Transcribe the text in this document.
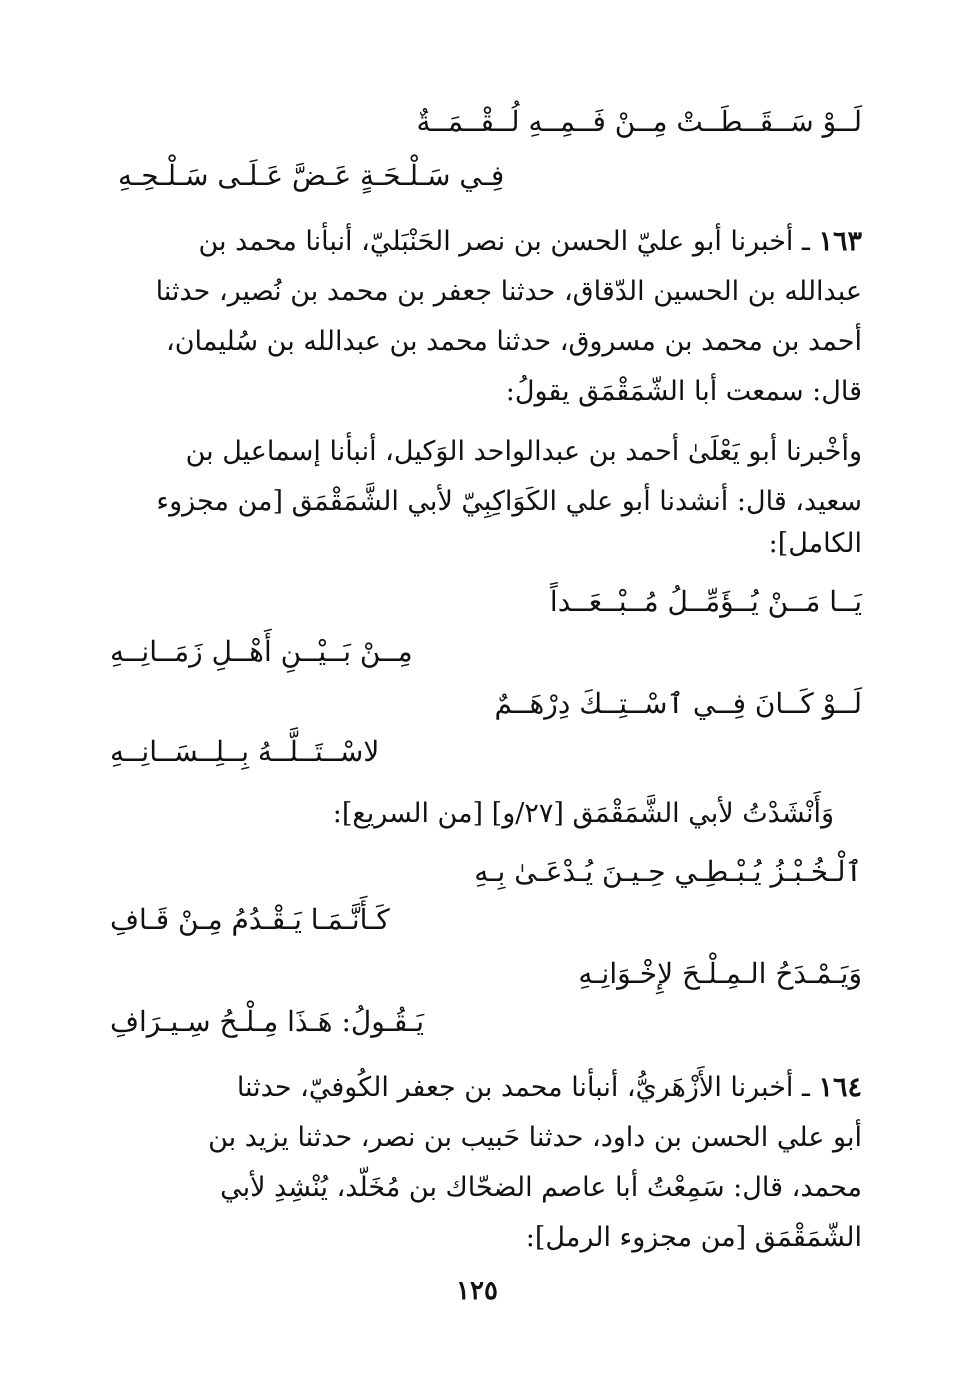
لَــوْ سَــقَــطَــتْ مِــنْ فَــمِــهِ لُــقْــمَــةٌ
فِـي سَـلْـحَـةٍ عَـضَّ عَـلَـى سَـلْـحِـهِ
١٦٣ ـ أخبرنا أبو عليّ الحسن بن نصر الحَنْبَليّ، أنبأنا محمد بن
عبدالله بن الحسين الدّقاق، حدثنا جعفر بن محمد بن نُصير، حدثنا
أحمد بن محمد بن مسروق، حدثنا محمد بن عبدالله بن سُليمان،
قال: سمعت أبا الشّمَقْمَق يقولُ:
وأخْبرنا أبو يَعْلَىٰ أحمد بن عبدالواحد الوَكيل، أنبأنا إسماعيل بن
سعيد، قال: أنشدنا أبو علي الكَوَاكِبِيّ لأبي الشَّمَقْمَق [من مجزوء
الكامل]:
يَــا مَــنْ يُــؤَمِّــلُ مُــبْــعَــداً
مِــنْ بَــيْــنِ أَهْــلِ زَمَــانِــهِ
لَــوْ كَــانَ فِــي ٱسْــتِــكَ دِرْهَــمٌ
لاسْــتَــلَّــهُ بِــلِــسَــانِــهِ
وَأَنْشَدْتُ لأبي الشَّمَقْمَق [٢٧/و] [من السريع]:
ٱلْـخُـبْـزُ يُـبْـطِـي حِـيـنَ يُـدْعَـىٰ بِـهِ
كَـأَنَّـمَـا يَـقْـدُمُ مِـنْ قَـافِ
وَيَـمْـدَحُ الـمِـلْـحَ لإِخْـوَانِـهِ
يَـقُـولُ: هَـذَا مِـلْـحُ سِـيـرَافِ
١٦٤ ـ أخبرنا الأَزْهَريُّ، أنبأنا محمد بن جعفر الكُوفيّ، حدثنا
أبو علي الحسن بن داود، حدثنا حَبيب بن نصر، حدثنا يزيد بن
محمد، قال: سَمِعْتُ أبا عاصم الضحّاك بن مُخَلّد، يُنْشِدِ لأبي
الشّمَقْمَق [من مجزوء الرمل]:
١٢٥
